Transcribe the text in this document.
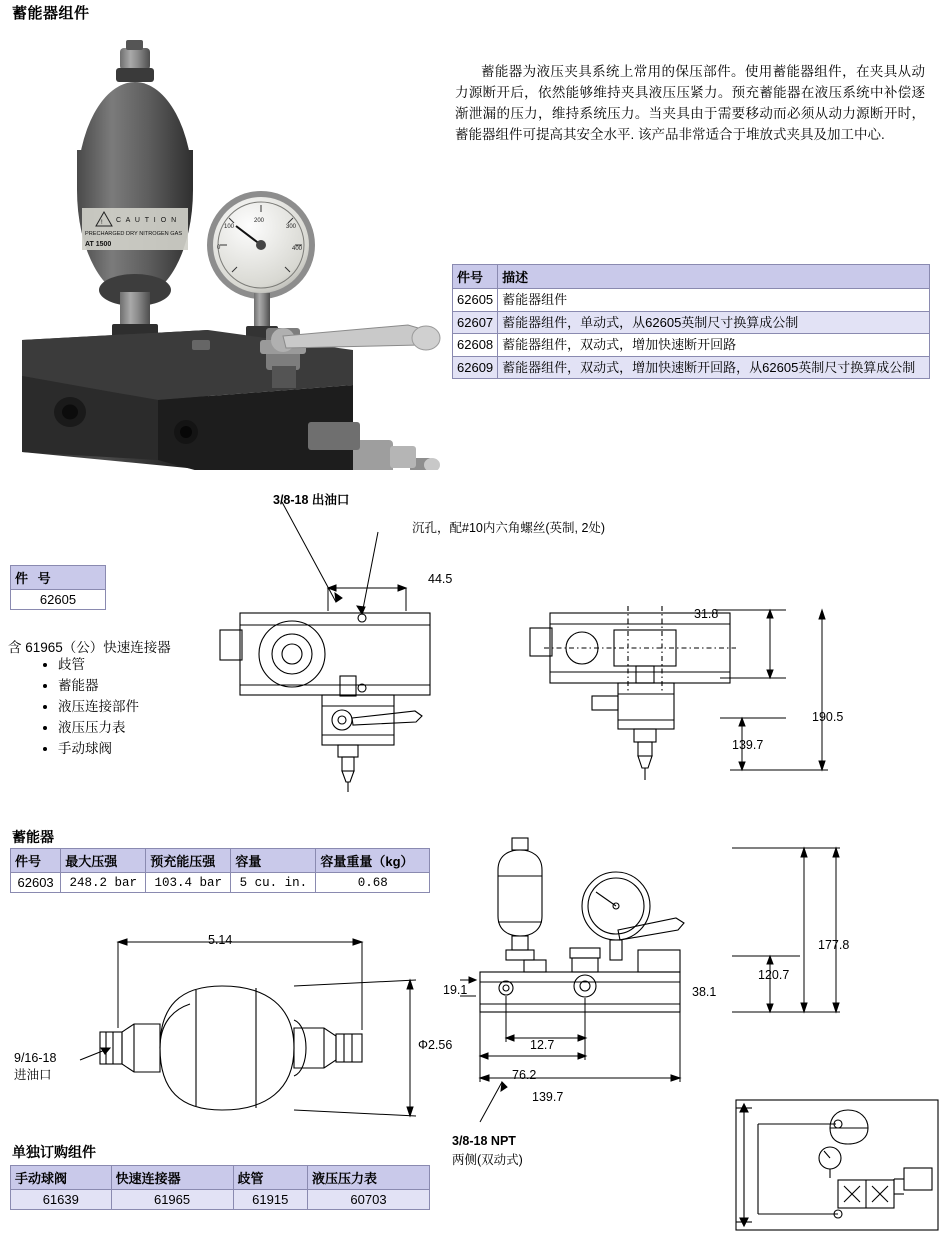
蓄能器组件
蓄能器为液压夹具系统上常用的保压部件。使用蓄能器组件，在夹具从动力源断开后，依然能够维持夹具液压压紧力。预充蓄能器在液压系统中补偿逐渐泄漏的压力，维持系统压力。当夹具由于需要移动而必须从动力源断开时，蓄能器组件可提高其安全水平. 该产品非常适合于堆放式夹具及加工中心.
! C A U T I O N
PRECHARGED DRY NITROGEN GAS
AT 1500
200
100	300
0	400
件号	描述
62605	蓄能器组件
62607	蓄能器组件，单动式，从62605英制尺寸换算成公制
62608	蓄能器组件，双动式，增加快速断开回路
62609	蓄能器组件，双动式，增加快速断开回路，从62605英制尺寸换算成公制
件 号
62605
含 61965（公）快速连接器
• 歧管
• 蓄能器
• 液压连接部件
• 液压压力表
• 手动球阀
3/8-18 出油口
沉孔，配#10内六角螺丝(英制, 2处)
44.5
31.8
190.5
139.7
蓄能器
件号	最大压强	预充能压强	容量	容量重量（kg）
62603	248.2 bar	103.4 bar	5 cu. in.	0.68
5.14
Φ2.56
9/16-18
进油口
177.8
120.7
38.1
19.1
12.7
76.2
139.7
3/8-18 NPT
两侧(双动式)
单独订购组件
手动球阀	快速连接器	歧管	液压压力表
61639	61965	61915	60703
